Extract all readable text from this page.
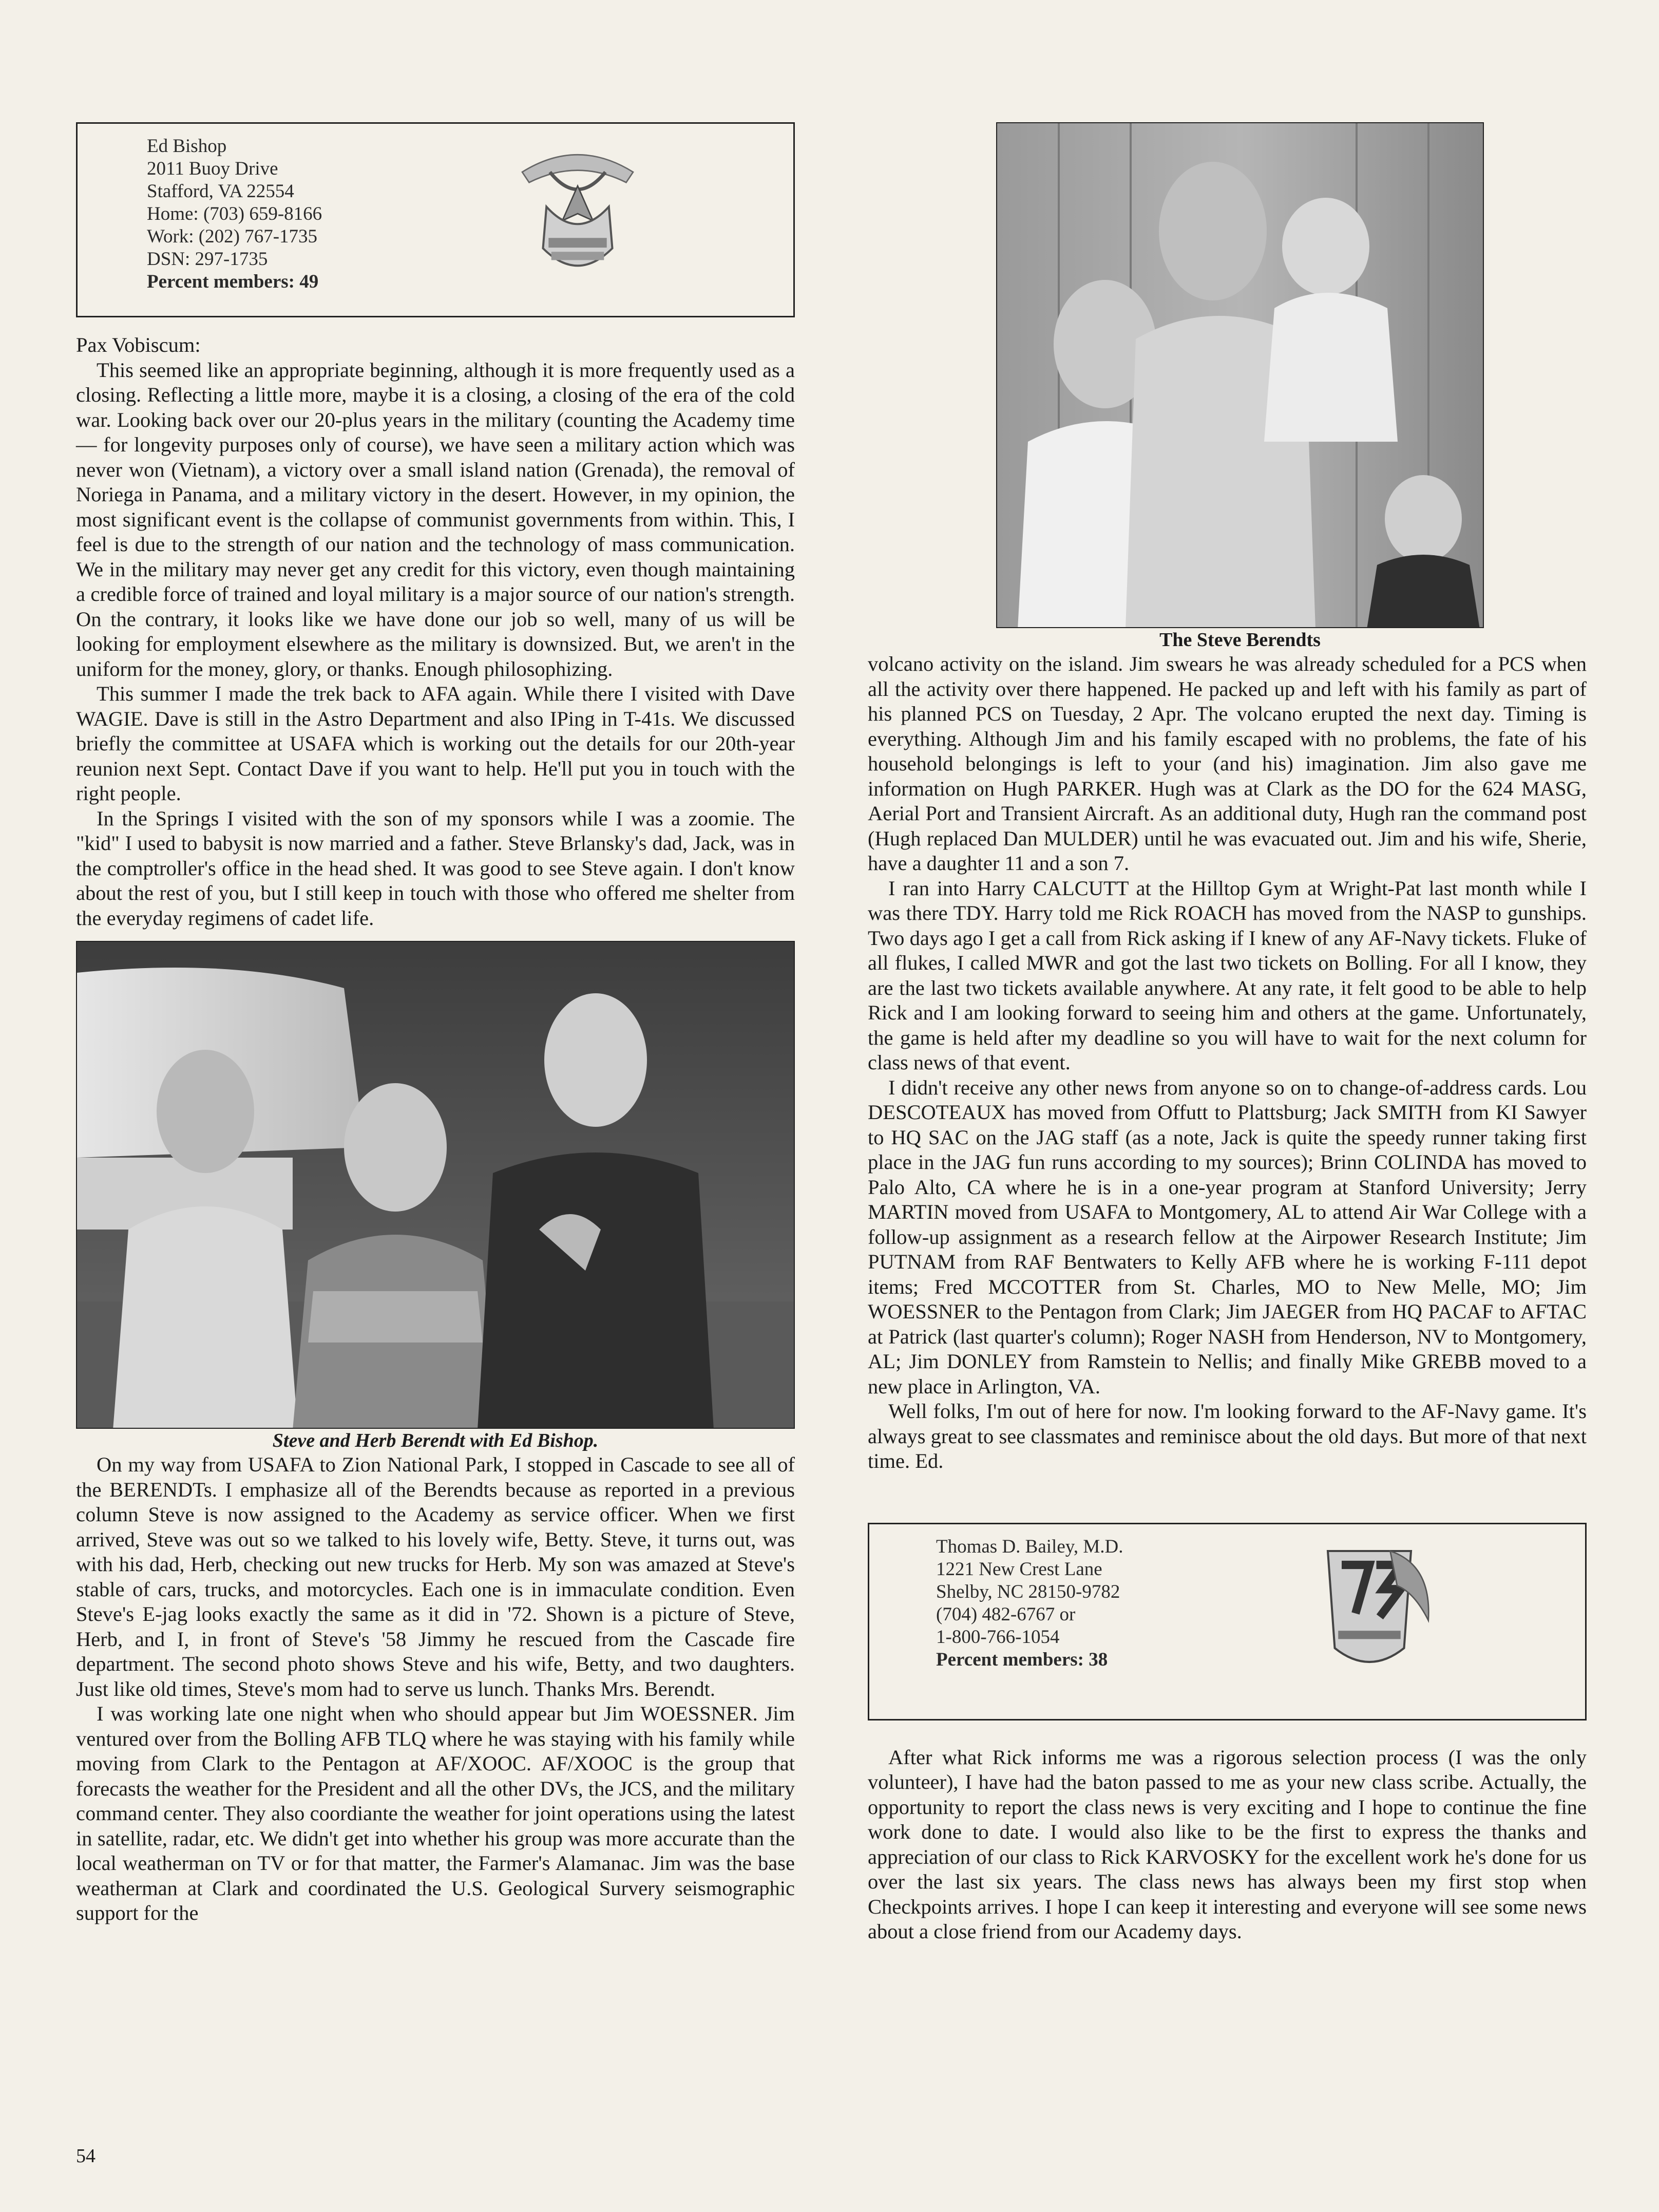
Ed Bishop
2011 Buoy Drive
Stafford, VA 22554
Home: (703) 659-8166
Work: (202) 767-1735
DSN: 297-1735
Percent members: 49

Pax Vobiscum:

This seemed like an appropriate beginning, although it is more frequently used as a closing. Reflecting a little more, maybe it is a closing, a closing of the era of the cold war. Looking back over our 20-plus years in the military (counting the Academy time — for longevity purposes only of course), we have seen a military action which was never won (Vietnam), a victory over a small island nation (Grenada), the removal of Noriega in Panama, and a military victory in the desert. However, in my opinion, the most significant event is the collapse of communist governments from within. This, I feel is due to the strength of our nation and the technology of mass communication. We in the military may never get any credit for this victory, even though maintaining a credible force of trained and loyal military is a major source of our nation's strength. On the contrary, it looks like we have done our job so well, many of us will be looking for employment elsewhere as the military is downsized. But, we aren't in the uniform for the money, glory, or thanks. Enough philosophizing.

This summer I made the trek back to AFA again. While there I visited with Dave WAGIE. Dave is still in the Astro Department and also IPing in T-41s. We discussed briefly the committee at USAFA which is working out the details for our 20th-year reunion next Sept. Contact Dave if you want to help. He'll put you in touch with the right people.

In the Springs I visited with the son of my sponsors while I was a zoomie. The "kid" I used to babysit is now married and a father. Steve Brlansky's dad, Jack, was in the comptroller's office in the head shed. It was good to see Steve again. I don't know about the rest of you, but I still keep in touch with those who offered me shelter from the everyday regimens of cadet life.

Steve and Herb Berendt with Ed Bishop.

On my way from USAFA to Zion National Park, I stopped in Cascade to see all of the BERENDTs. I emphasize all of the Berendts because as reported in a previous column Steve is now assigned to the Academy as service officer. When we first arrived, Steve was out so we talked to his lovely wife, Betty. Steve, it turns out, was with his dad, Herb, checking out new trucks for Herb. My son was amazed at Steve's stable of cars, trucks, and motorcycles. Each one is in immaculate condition. Even Steve's E-jag looks exactly the same as it did in '72. Shown is a picture of Steve, Herb, and I, in front of Steve's '58 Jimmy he rescued from the Cascade fire department. The second photo shows Steve and his wife, Betty, and two daughters. Just like old times, Steve's mom had to serve us lunch. Thanks Mrs. Berendt.

I was working late one night when who should appear but Jim WOESSNER. Jim ventured over from the Bolling AFB TLQ where he was staying with his family while moving from Clark to the Pentagon at AF/XOOC. AF/XOOC is the group that forecasts the weather for the President and all the other DVs, the JCS, and the military command center. They also coordiante the weather for joint operations using the latest in satellite, radar, etc. We didn't get into whether his group was more accurate than the local weatherman on TV or for that matter, the Farmer's Alamanac. Jim was the base weatherman at Clark and coordinated the U.S. Geological Survery seismographic support for the

The Steve Berendts

volcano activity on the island. Jim swears he was already scheduled for a PCS when all the activity over there happened. He packed up and left with his family as part of his planned PCS on Tuesday, 2 Apr. The volcano erupted the next day. Timing is everything. Although Jim and his family escaped with no problems, the fate of his household belongings is left to your (and his) imagination. Jim also gave me information on Hugh PARKER. Hugh was at Clark as the DO for the 624 MASG, Aerial Port and Transient Aircraft. As an additional duty, Hugh ran the command post (Hugh replaced Dan MULDER) until he was evacuated out. Jim and his wife, Sherie, have a daughter 11 and a son 7.

I ran into Harry CALCUTT at the Hilltop Gym at Wright-Pat last month while I was there TDY. Harry told me Rick ROACH has moved from the NASP to gunships. Two days ago I get a call from Rick asking if I knew of any AF-Navy tickets. Fluke of all flukes, I called MWR and got the last two tickets on Bolling. For all I know, they are the last two tickets available anywhere. At any rate, it felt good to be able to help Rick and I am looking forward to seeing him and others at the game. Unfortunately, the game is held after my deadline so you will have to wait for the next column for class news of that event.

I didn't receive any other news from anyone so on to change-of-address cards. Lou DESCOTEAUX has moved from Offutt to Plattsburg; Jack SMITH from KI Sawyer to HQ SAC on the JAG staff (as a note, Jack is quite the speedy runner taking first place in the JAG fun runs according to my sources); Brinn COLINDA has moved to Palo Alto, CA where he is in a one-year program at Stanford University; Jerry MARTIN moved from USAFA to Montgomery, AL to attend Air War College with a follow-up assignment as a research fellow at the Airpower Research Institute; Jim PUTNAM from RAF Bentwaters to Kelly AFB where he is working F-111 depot items; Fred MCCOTTER from St. Charles, MO to New Melle, MO; Jim WOESSNER to the Pentagon from Clark; Jim JAEGER from HQ PACAF to AFTAC at Patrick (last quarter's column); Roger NASH from Henderson, NV to Montgomery, AL; Jim DONLEY from Ramstein to Nellis; and finally Mike GREBB moved to a new place in Arlington, VA.

Well folks, I'm out of here for now. I'm looking forward to the AF-Navy game. It's always great to see classmates and reminisce about the old days. But more of that next time. Ed.

Thomas D. Bailey, M.D.
1221 New Crest Lane
Shelby, NC 28150-9782
(704) 482-6767 or
1-800-766-1054
Percent members: 38

After what Rick informs me was a rigorous selection process (I was the only volunteer), I have had the baton passed to me as your new class scribe. Actually, the opportunity to report the class news is very exciting and I hope to continue the fine work done to date. I would also like to be the first to express the thanks and appreciation of our class to Rick KARVOSKY for the excellent work he's done for us over the last six years. The class news has always been my first stop when Checkpoints arrives. I hope I can keep it interesting and everyone will see some news about a close friend from our Academy days.

54
